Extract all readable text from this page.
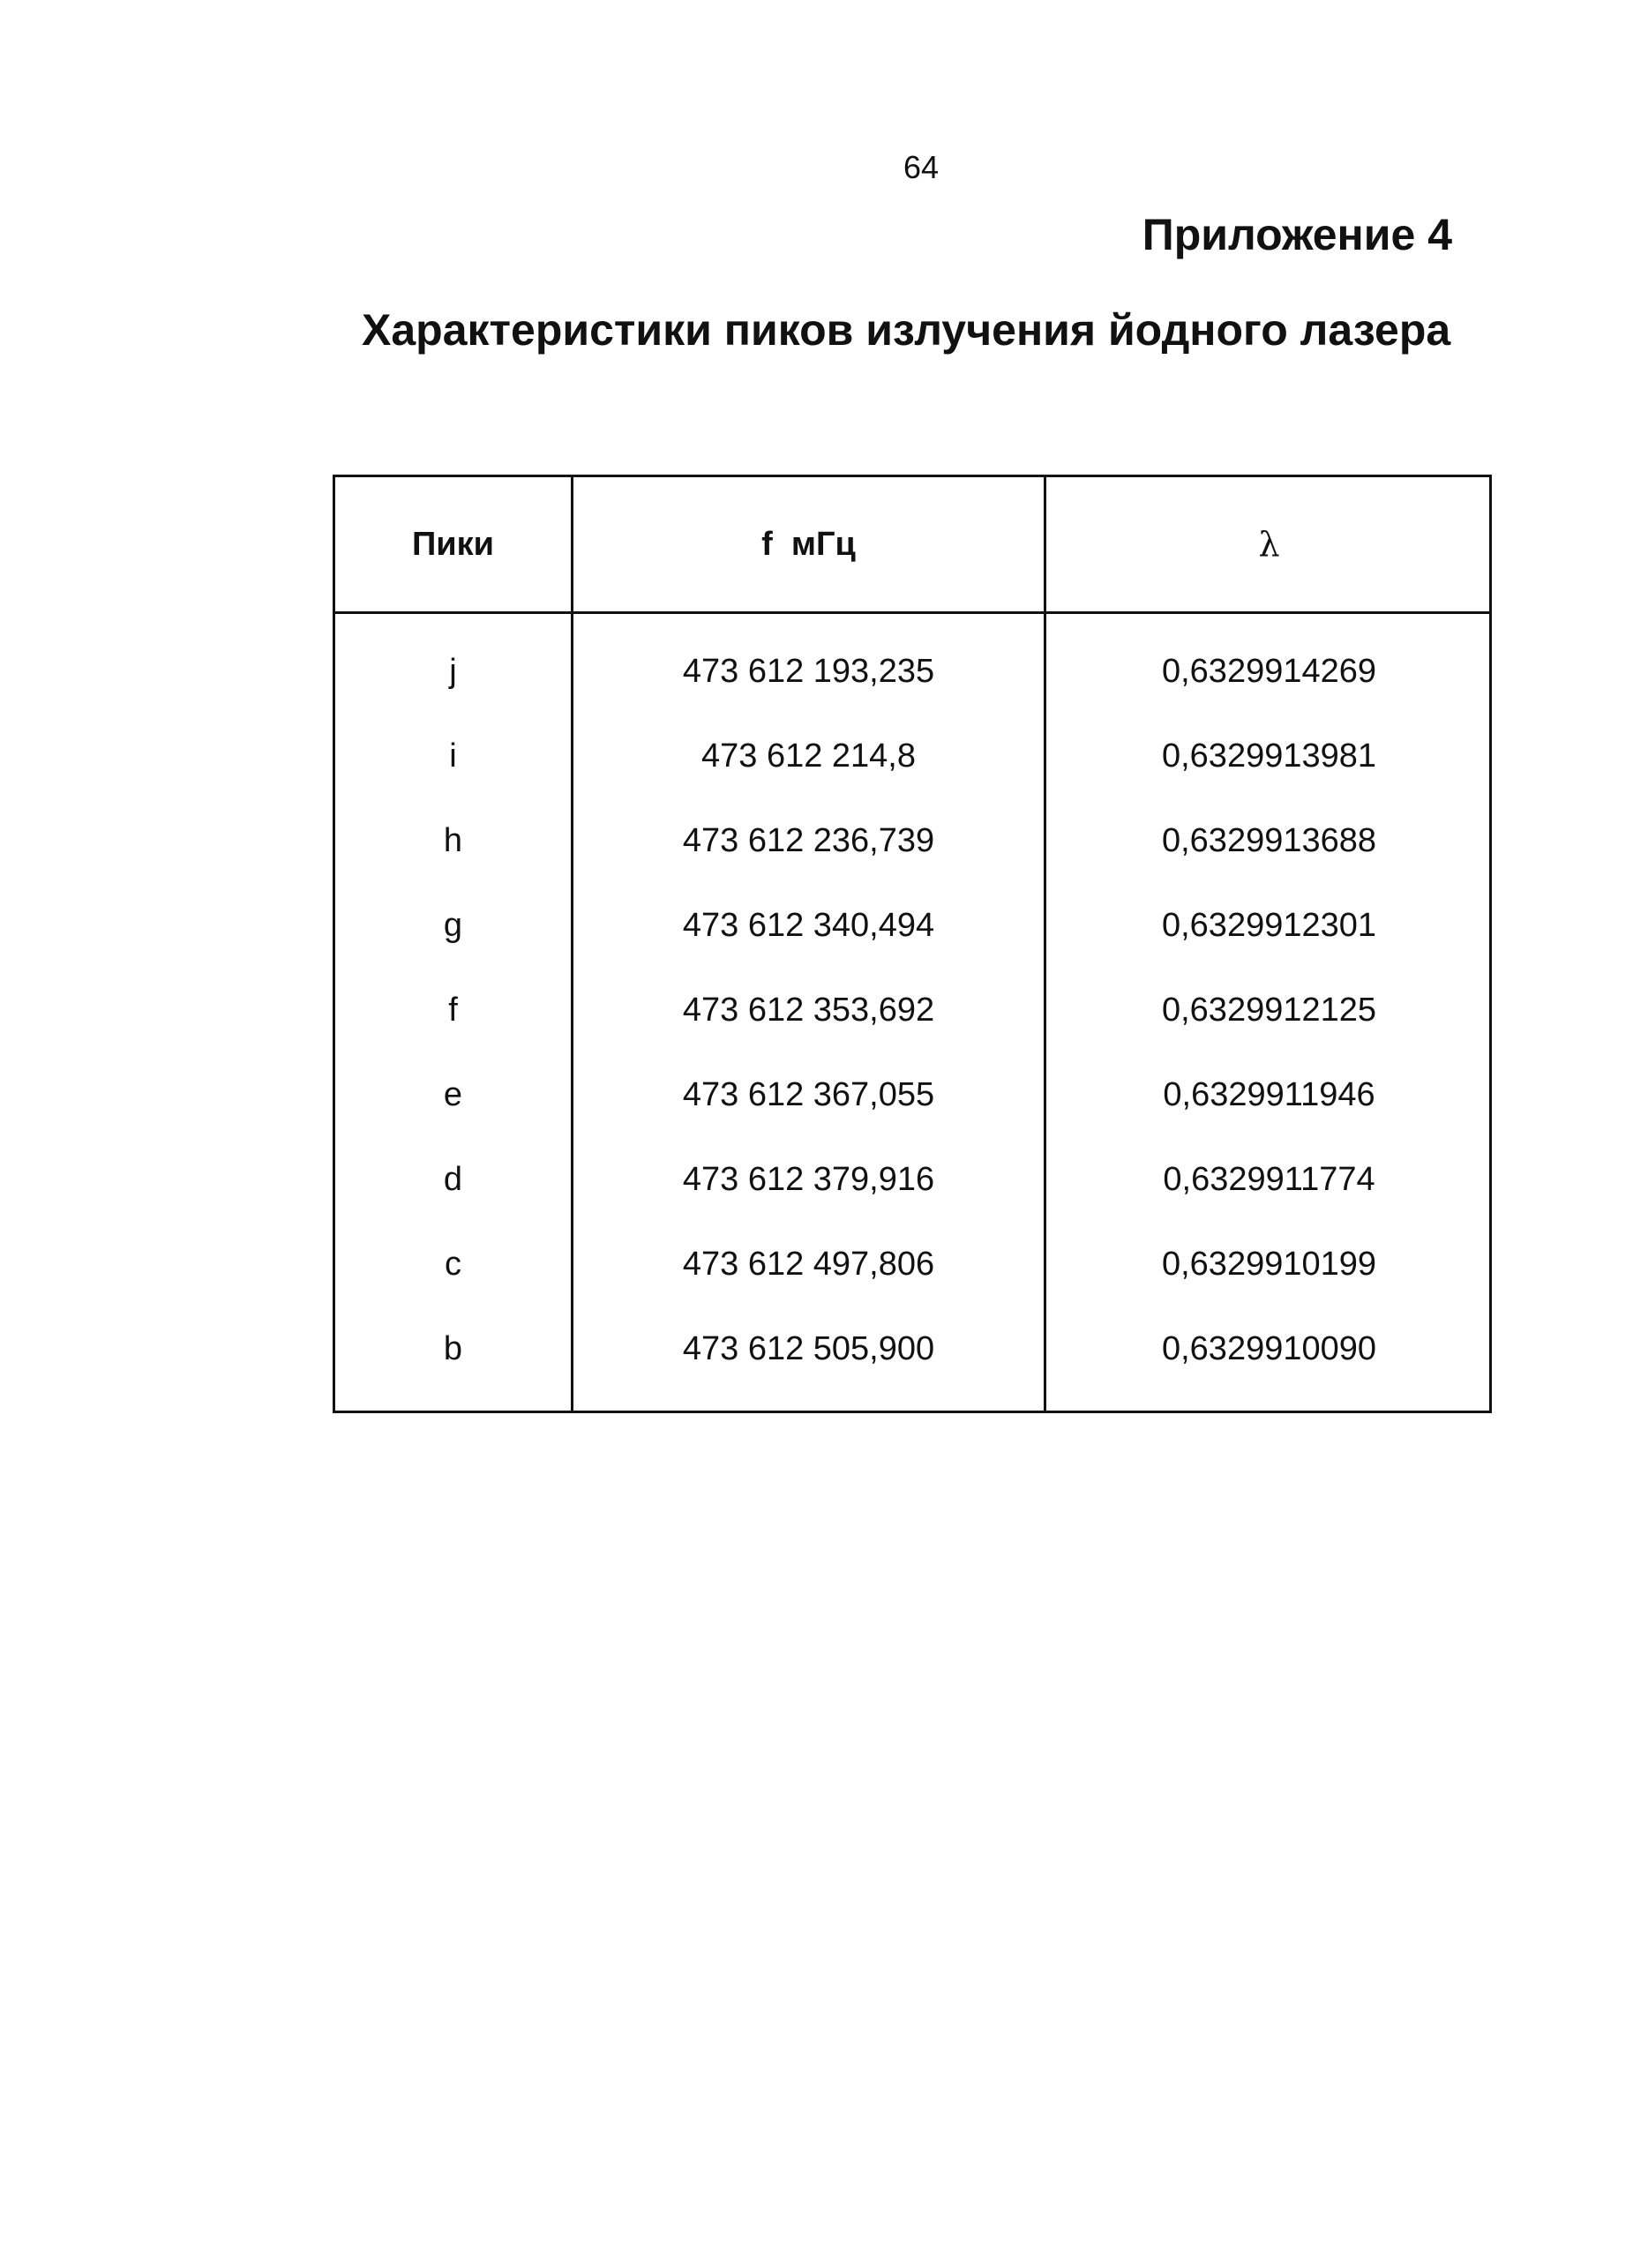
64
Приложение 4
Характеристики пиков излучения йодного лазера
Пики	f  мГц	λ
j	473 612 193,235	0,6329914269
i	473 612 214,8	0,6329913981
h	473 612 236,739	0,6329913688
g	473 612 340,494	0,6329912301
f	473 612 353,692	0,6329912125
e	473 612 367,055	0,6329911946
d	473 612 379,916	0,6329911774
c	473 612 497,806	0,6329910199
b	473 612 505,900	0,6329910090
